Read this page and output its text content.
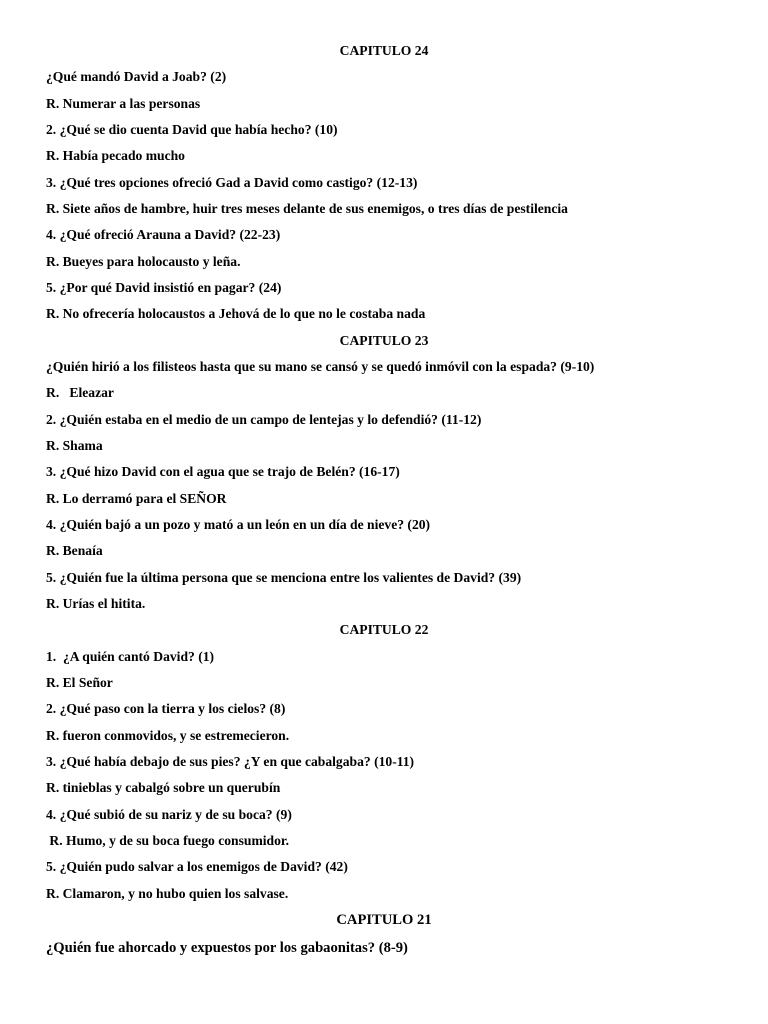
CAPITULO 24
¿Qué mandó David a Joab? (2)
R. Numerar a las personas
2. ¿Qué se dio cuenta David que había hecho? (10)
R. Había pecado mucho
3. ¿Qué tres opciones ofreció Gad a David como castigo? (12-13)
R. Siete años de hambre, huir tres meses delante de sus enemigos, o tres días de pestilencia
4. ¿Qué ofreció Arauna a David? (22-23)
R. Bueyes para holocausto y leña.
5. ¿Por qué David insistió en pagar? (24)
R. No ofrecería holocaustos a Jehová de lo que no le costaba nada
CAPITULO 23
¿Quién hirió a los filisteos hasta que su mano se cansó y se quedó inmóvil con la espada? (9-10)
R.   Eleazar
2. ¿Quién estaba en el medio de un campo de lentejas y lo defendió? (11-12)
R. Shama
3. ¿Qué hizo David con el agua que se trajo de Belén? (16-17)
R. Lo derramó para el SEÑOR
4. ¿Quién bajó a un pozo y mató a un león en un día de nieve? (20)
R. Benaía
5. ¿Quién fue la última persona que se menciona entre los valientes de David? (39)
R. Urías el hitita.
CAPITULO 22
1.  ¿A quién cantó David? (1)
R. El Señor
2. ¿Qué paso con la tierra y los cielos? (8)
R. fueron conmovidos, y se estremecieron.
3. ¿Qué había debajo de sus pies? ¿Y en que cabalgaba? (10-11)
R. tinieblas y cabalgó sobre un querubín
4. ¿Qué subió de su nariz y de su boca? (9)
R. Humo, y de su boca fuego consumidor.
5. ¿Quién pudo salvar a los enemigos de David? (42)
R. Clamaron, y no hubo quien los salvase.
CAPITULO 21
¿Quién fue ahorcado y expuestos por los gabaonitas? (8-9)
